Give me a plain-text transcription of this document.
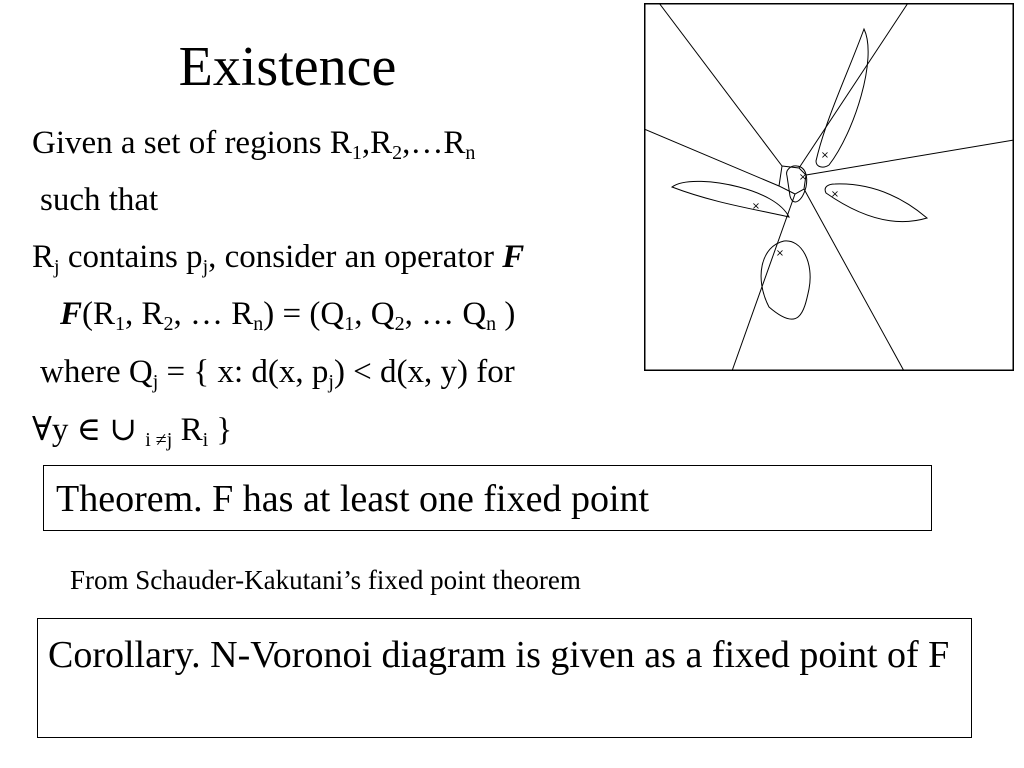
Existence
Given a set of regions $R_1,R_2,\dots R_n$
such that
$R_j$ contains $p_j$, consider an operator F
$F(R_1$, $R_2$, … $R_n) = (Q_1$, $Q_2$, … $Q_n$ )
where $Q_j$ = { x: d(x, $p_j) < d(x$, y) for
∀y ∈ ∪ $_{i \ne j}$ $R_i$ }
Theorem. F has at least one fixed point
From Schauder-Kakutani’s fixed point theorem
Corollary. N-Voronoi diagram is given as a fixed point of F
×
×
×
×
×
